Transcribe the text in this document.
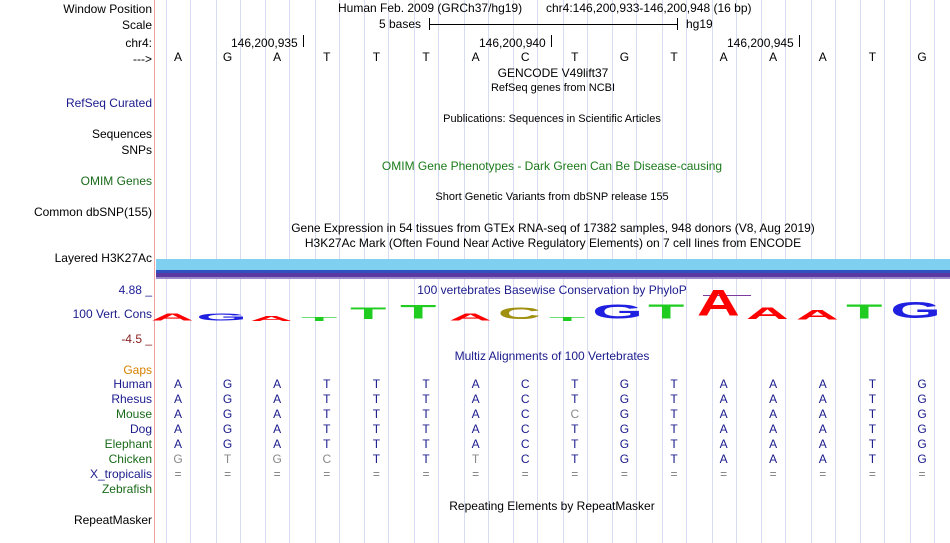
Window Position
Scale
chr4:
--->
RefSeq Curated
Sequences
SNPs
OMIM Genes
Common dbSNP(155)
Layered H3K27Ac
4.88 _
100 Vert. Cons
-4.5 _
Gaps
Human
Rhesus
Mouse
Dog
Elephant
Chicken
X_tropicalis
Zebrafish
RepeatMasker
Human Feb. 2009 (GRCh37/hg19) chr4:146,200,933-146,200,948 (16 bp)
5 bases	hg19
146,200,935	146,200,940	146,200,945
A	G	A	T	T	T	A	C	T	G	T	A	A	A	T	G
GENCODE V49lift37
RefSeq genes from NCBI
Publications: Sequences in Scientific Articles
OMIM Gene Phenotypes - Dark Green Can Be Disease-causing
Short Genetic Variants from dbSNP release 155
Gene Expression in 54 tissues from GTEx RNA-seq of 17382 samples, 948 donors (V8, Aug 2019)
H3K27Ac Mark (Often Found Near Active Regulatory Elements) on 7 cell lines from ENCODE
100 vertebrates Basewise Conservation by PhyloP
A G A T T T A C T G T A A A T G
Multiz Alignments of 100 Vertebrates
A	G	A	T	T	T	A	C	T	G	T	A	A	A	T	G
A	G	A	T	T	T	A	C	T	G	T	A	A	A	T	G
A	G	A	T	T	T	A	C	C	G	T	A	A	A	T	G
A	G	A	T	T	T	A	C	T	G	T	A	A	A	T	G
A	G	A	T	T	T	A	C	T	G	T	A	A	A	T	G
G	T	G	C	T	T	T	C	T	G	T	A	A	A	T	G
=	=	=	=	=	=	=	=	=	=	=	=	=	=	=	=
Repeating Elements by RepeatMasker
